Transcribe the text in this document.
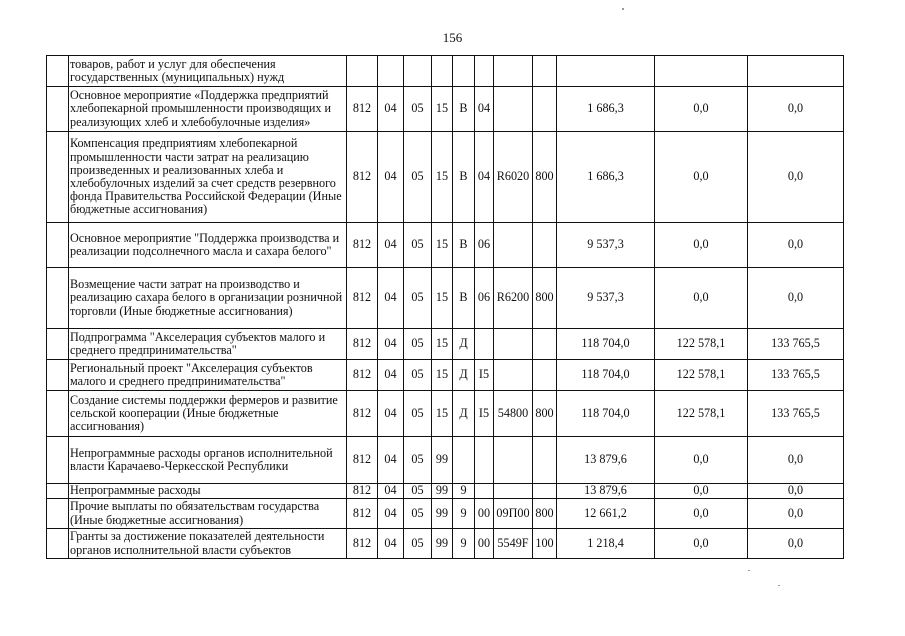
156
	товаров, работ и услуг для обеспечения государственных (муниципальных) нужд											
	Основное мероприятие «Поддержка предприятий хлебопекарной промышленности производящих и реализующих хлеб и хлебобулочные изделия»	812	04	05	15	В	04			1 686,3	0,0	0,0
	Компенсация предприятиям хлебопекарной промышленности части затрат на реализацию произведенных и реализованных хлеба и хлебобулочных изделий за счет средств резервного фонда Правительства Российской Федерации (Иные бюджетные ассигнования)	812	04	05	15	В	04	R6020	800	1 686,3	0,0	0,0
	Основное мероприятие "Поддержка производства и реализации подсолнечного масла и сахара белого"	812	04	05	15	В	06			9 537,3	0,0	0,0
	Возмещение части затрат на производство и реализацию сахара белого в организации розничной торговли (Иные бюджетные ассигнования)	812	04	05	15	В	06	R6200	800	9 537,3	0,0	0,0
	Подпрограмма "Акселерация субъектов малого и среднего предпринимательства"	812	04	05	15	Д				118 704,0	122 578,1	133 765,5
	Региональный проект "Акселерация субъектов малого и среднего предпринимательства"	812	04	05	15	Д	I5			118 704,0	122 578,1	133 765,5
	Создание системы поддержки фермеров и развитие сельской кооперации (Иные бюджетные ассигнования)	812	04	05	15	Д	I5	54800	800	118 704,0	122 578,1	133 765,5
	Непрограммные расходы органов исполнительной власти Карачаево-Черкесской Республики	812	04	05	99					13 879,6	0,0	0,0
	Непрограммные расходы	812	04	05	99	9				13 879,6	0,0	0,0
	Прочие выплаты по обязательствам государства (Иные бюджетные ассигнования)	812	04	05	99	9	00	09П00	800	12 661,2	0,0	0,0
	Гранты за достижение показателей деятельности органов исполнительной власти субъектов	812	04	05	99	9	00	5549F	100	1 218,4	0,0	0,0
